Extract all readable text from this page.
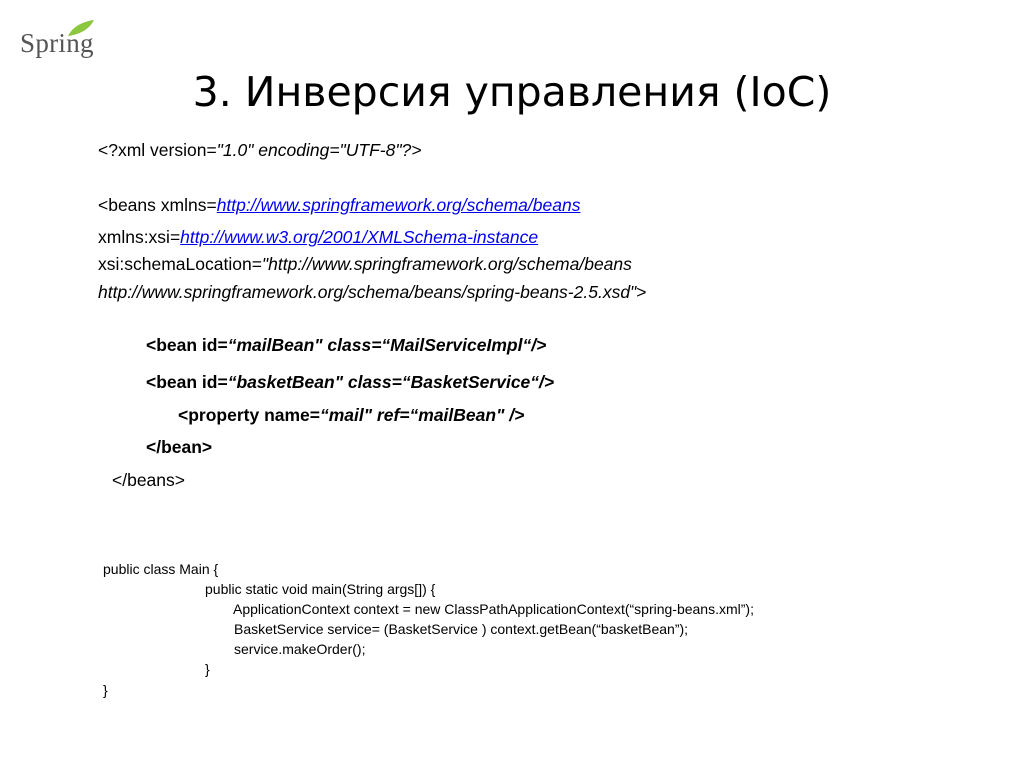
Spring
3. Инверсия управления (IoC)
<?xml version="1.0" encoding="UTF-8"?>
<beans xmlns=http://www.springframework.org/schema/beans
xmlns:xsi=http://www.w3.org/2001/XMLSchema-instance
xsi:schemaLocation="http://www.springframework.org/schema/beans
http://www.springframework.org/schema/beans/spring-beans-2.5.xsd">
<bean id=“mailBean" class=“MailServiceImpl“/>
<bean id=“basketBean" class=“BasketService“/>
<property name=“mail" ref=“mailBean" />
</bean>
</beans>
public class Main {
public static void main(String args[]) {
ApplicationContext context = new ClassPathApplicationContext(“spring-beans.xml”);
BasketService service= (BasketService ) context.getBean(“basketBean”);
service.makeOrder();
}
}
